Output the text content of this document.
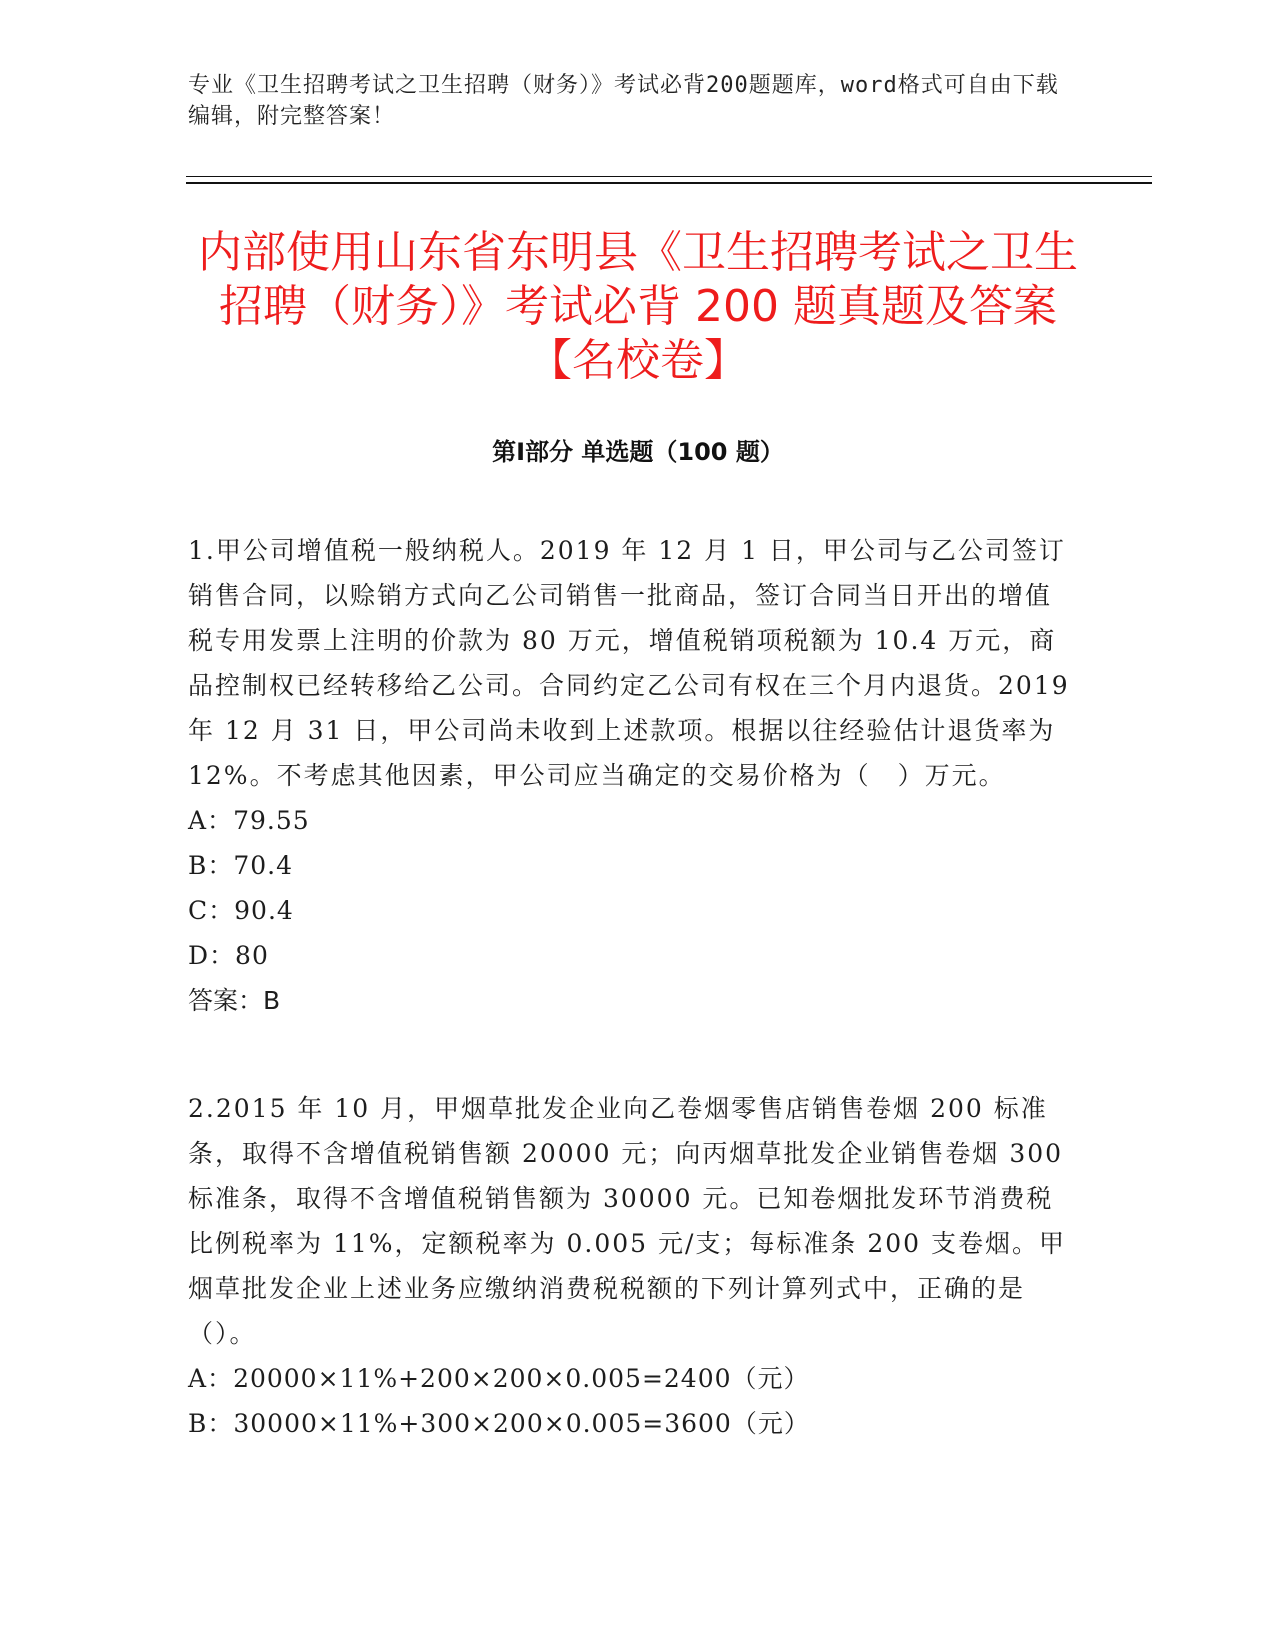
专业《卫生招聘考试之卫生招聘（财务）》考试必背200题题库，word格式可自由下载编辑，附完整答案！
内部使用山东省东明县《卫生招聘考试之卫生招聘（财务）》考试必背 200 题真题及答案【名校卷】
第Ⅰ部分 单选题（100 题）

1.甲公司增值税一般纳税人。2019 年 12 月 1 日，甲公司与乙公司签订销售合同，以赊销方式向乙公司销售一批商品，签订合同当日开出的增值税专用发票上注明的价款为 80 万元，增值税销项税额为 10.4 万元，商品控制权已经转移给乙公司。合同约定乙公司有权在三个月内退货。2019 年 12 月 31 日，甲公司尚未收到上述款项。根据以往经验估计退货率为 12%。不考虑其他因素，甲公司应当确定的交易价格为（　）万元。

A：79.55

B：70.4

C：90.4

D：80

答案：B

2.2015 年 10 月，甲烟草批发企业向乙卷烟零售店销售卷烟 200 标准条，取得不含增值税销售额 20000 元；向丙烟草批发企业销售卷烟 300 标准条，取得不含增值税销售额为 30000 元。已知卷烟批发环节消费税比例税率为 11%，定额税率为 0.005 元/支；每标准条 200 支卷烟。甲烟草批发企业上述业务应缴纳消费税税额的下列计算列式中，正确的是（）。

A：20000×11%+200×200×0.005=2400（元）

B：30000×11%+300×200×0.005=3600（元）
